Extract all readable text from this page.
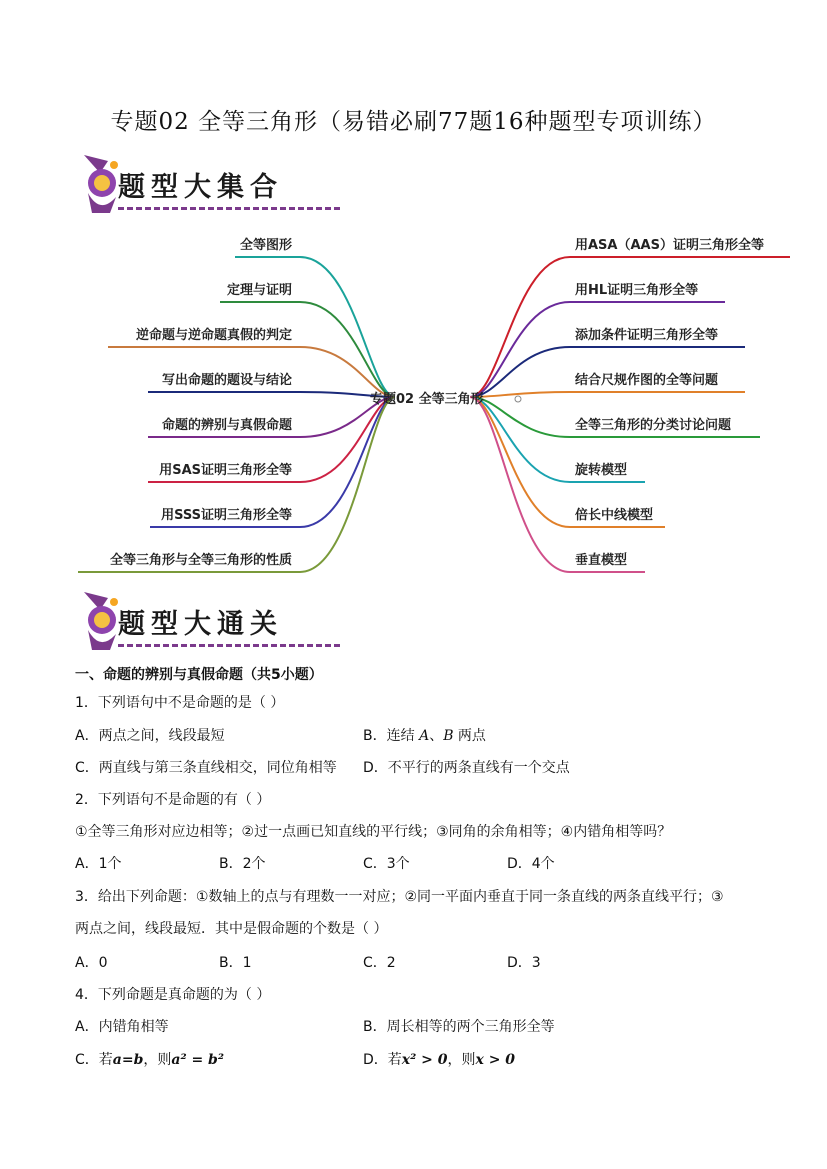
专题02 全等三角形（易错必刷77题16种题型专项训练）
题型大集合
全等图形
定理与证明
逆命题与逆命题真假的判定
写出命题的题设与结论
命题的辨别与真假命题
用SAS证明三角形全等
用SSS证明三角形全等
全等三角形与全等三角形的性质
用ASA（AAS）证明三角形全等
用HL证明三角形全等
添加条件证明三角形全等
结合尺规作图的全等问题
全等三角形的分类讨论问题
旋转模型
倍长中线模型
垂直模型
专题02 全等三角形
题型大通关
一、命题的辨别与真假命题（共5小题）
1．下列语句中不是命题的是（ ）
A．两点之间，线段最短	B．连结 A、B 两点
C．两直线与第三条直线相交，同位角相等 D．不平行的两条直线有一个交点
2．下列语句不是命题的有（ ）
①全等三角形对应边相等；②过一点画已知直线的平行线；③同角的余角相等；④内错角相等吗？
A．1个	B．2个	C．3个	D．4个
3．给出下列命题：①数轴上的点与有理数一一对应；②同一平面内垂直于同一条直线的两条直线平行；③
两点之间，线段最短．其中是假命题的个数是（ ）
A．0	B．1	C．2	D．3
4．下列命题是真命题的为（ ）
A．内错角相等	B．周长相等的两个三角形全等
C．若a=b，则a² = b²	D．若x² > 0，则x > 0
